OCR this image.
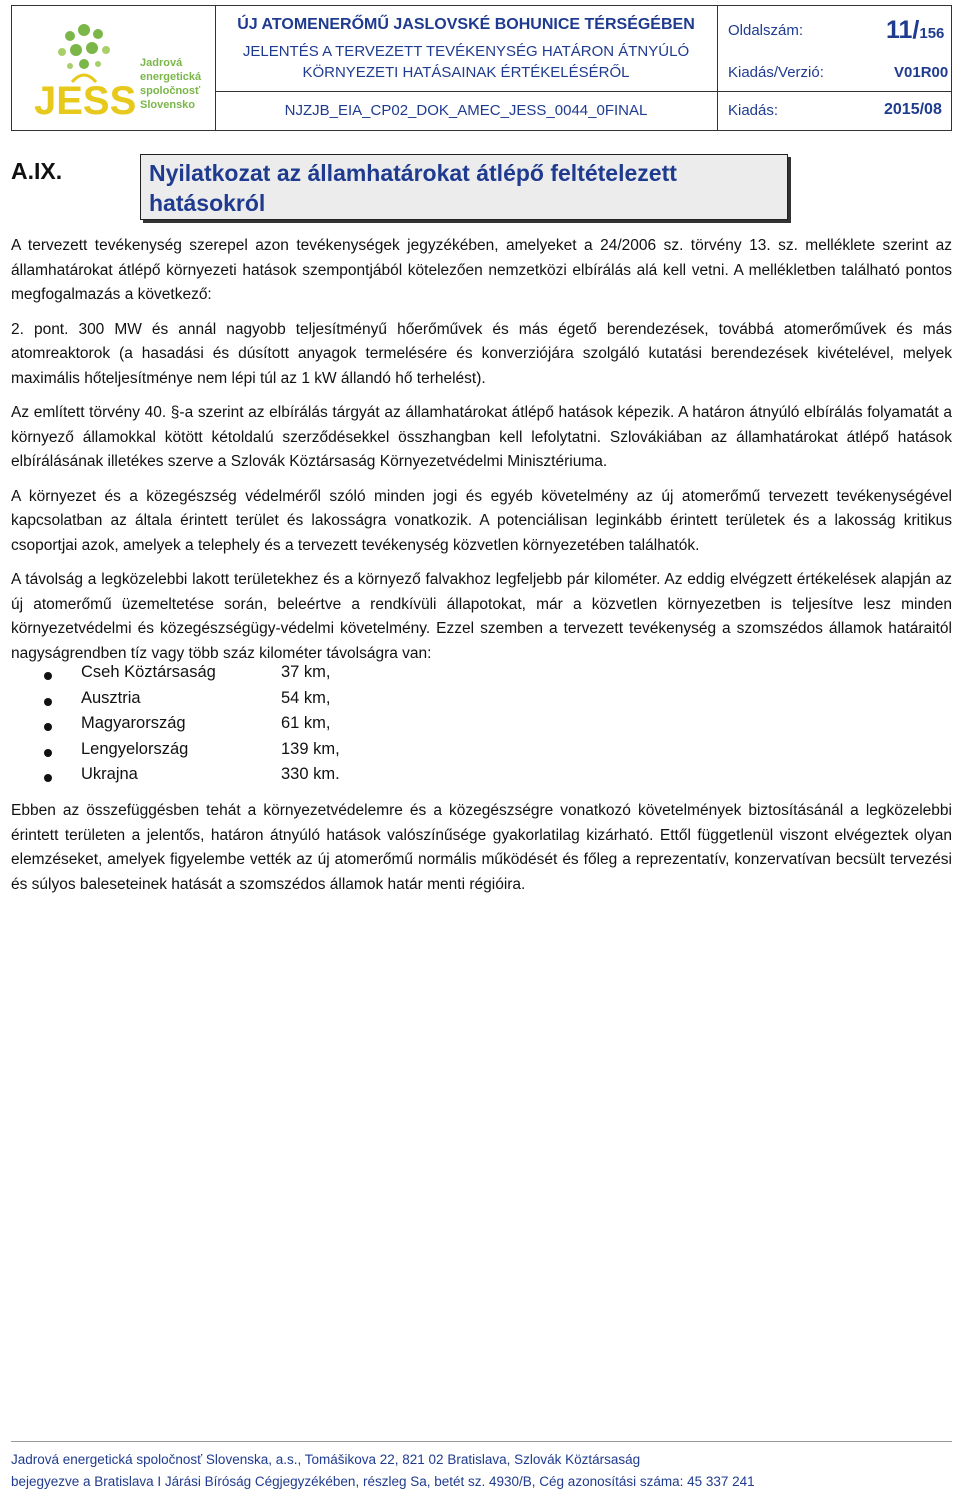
JESS
Jadrová
energetická
spoločnosť
Slovensko
ÚJ ATOMENERŐMŰ JASLOVSKÉ BOHUNICE TÉRSÉGÉBEN
JELENTÉS A TERVEZETT TEVÉKENYSÉG HATÁRON ÁTNYÚLÓ
KÖRNYEZETI HATÁSAINAK ÉRTÉKELÉSÉRŐL
Oldalszám:	11/156
Kiadás/Verzió:	V01R00
NJZJB_EIA_CP02_DOK_AMEC_JESS_0044_0FINAL	Kiadás:	2015/08
A.IX.	Nyilatkozat az államhatárokat átlépő feltételezett hatásokról

A tervezett tevékenység szerepel azon tevékenységek jegyzékében, amelyeket a 24/2006 sz. törvény 13. sz. melléklete szerint az államhatárokat átlépő környezeti hatások szempontjából kötelezően nemzetközi elbírálás alá kell vetni. A mellékletben található pontos megfogalmazás a következő:

2. pont. 300 MW és annál nagyobb teljesítményű hőerőművek és más égető berendezések, továbbá atomerőművek és más atomreaktorok (a hasadási és dúsított anyagok termelésére és konverziójára szolgáló kutatási berendezések kivételével, melyek maximális hőteljesítménye nem lépi túl az 1 kW állandó hő terhelést).

Az említett törvény 40. §-a szerint az elbírálás tárgyát az államhatárokat átlépő hatások képezik. A határon átnyúló elbírálás folyamatát a környező államokkal kötött kétoldalú szerződésekkel összhangban kell lefolytatni. Szlovákiában az államhatárokat átlépő hatások elbírálásának illetékes szerve a Szlovák Köztársaság Környezetvédelmi Minisztériuma.

A környezet és a közegészség védelméről szóló minden jogi és egyéb követelmény az új atomerőmű tervezett tevékenységével kapcsolatban az általa érintett terület és lakosságra vonatkozik. A potenciálisan leginkább érintett területek és a lakosság kritikus csoportjai azok, amelyek a telephely és a tervezett tevékenység közvetlen környezetében találhatók.

A távolság a legközelebbi lakott területekhez és a környező falvakhoz legfeljebb pár kilométer. Az eddig elvégzett értékelések alapján az új atomerőmű üzemeltetése során, beleértve a rendkívüli állapotokat, már a közvetlen környezetben is teljesítve lesz minden környezetvédelmi és közegészségügy-védelmi követelmény. Ezzel szemben a tervezett tevékenység a szomszédos államok határaitól nagyságrendben tíz vagy több száz kilométer távolságra van:

Cseh Köztársaság	37 km,
Ausztria	54 km,
Magyarország	61 km,
Lengyelország	139 km,
Ukrajna	330 km.

Ebben az összefüggésben tehát a környezetvédelemre és a közegészségre vonatkozó követelmények biztosításánál a legközelebbi érintett területen a jelentős, határon átnyúló hatások valószínűsége gyakorlatilag kizárható. Ettől függetlenül viszont elvégeztek olyan elemzéseket, amelyek figyelembe vették az új atomerőmű normális működését és főleg a reprezentatív, konzervatívan becsült tervezési és súlyos baleseteinek hatását a szomszédos államok határ menti régióira.

Jadrová energetická spoločnosť Slovenska, a.s., Tomášikova 22, 821 02 Bratislava, Szlovák Köztársaság
bejegyezve a Bratislava I Járási Bíróság Cégjegyzékében, részleg Sa, betét sz. 4930/B, Cég azonosítási száma: 45 337 241
